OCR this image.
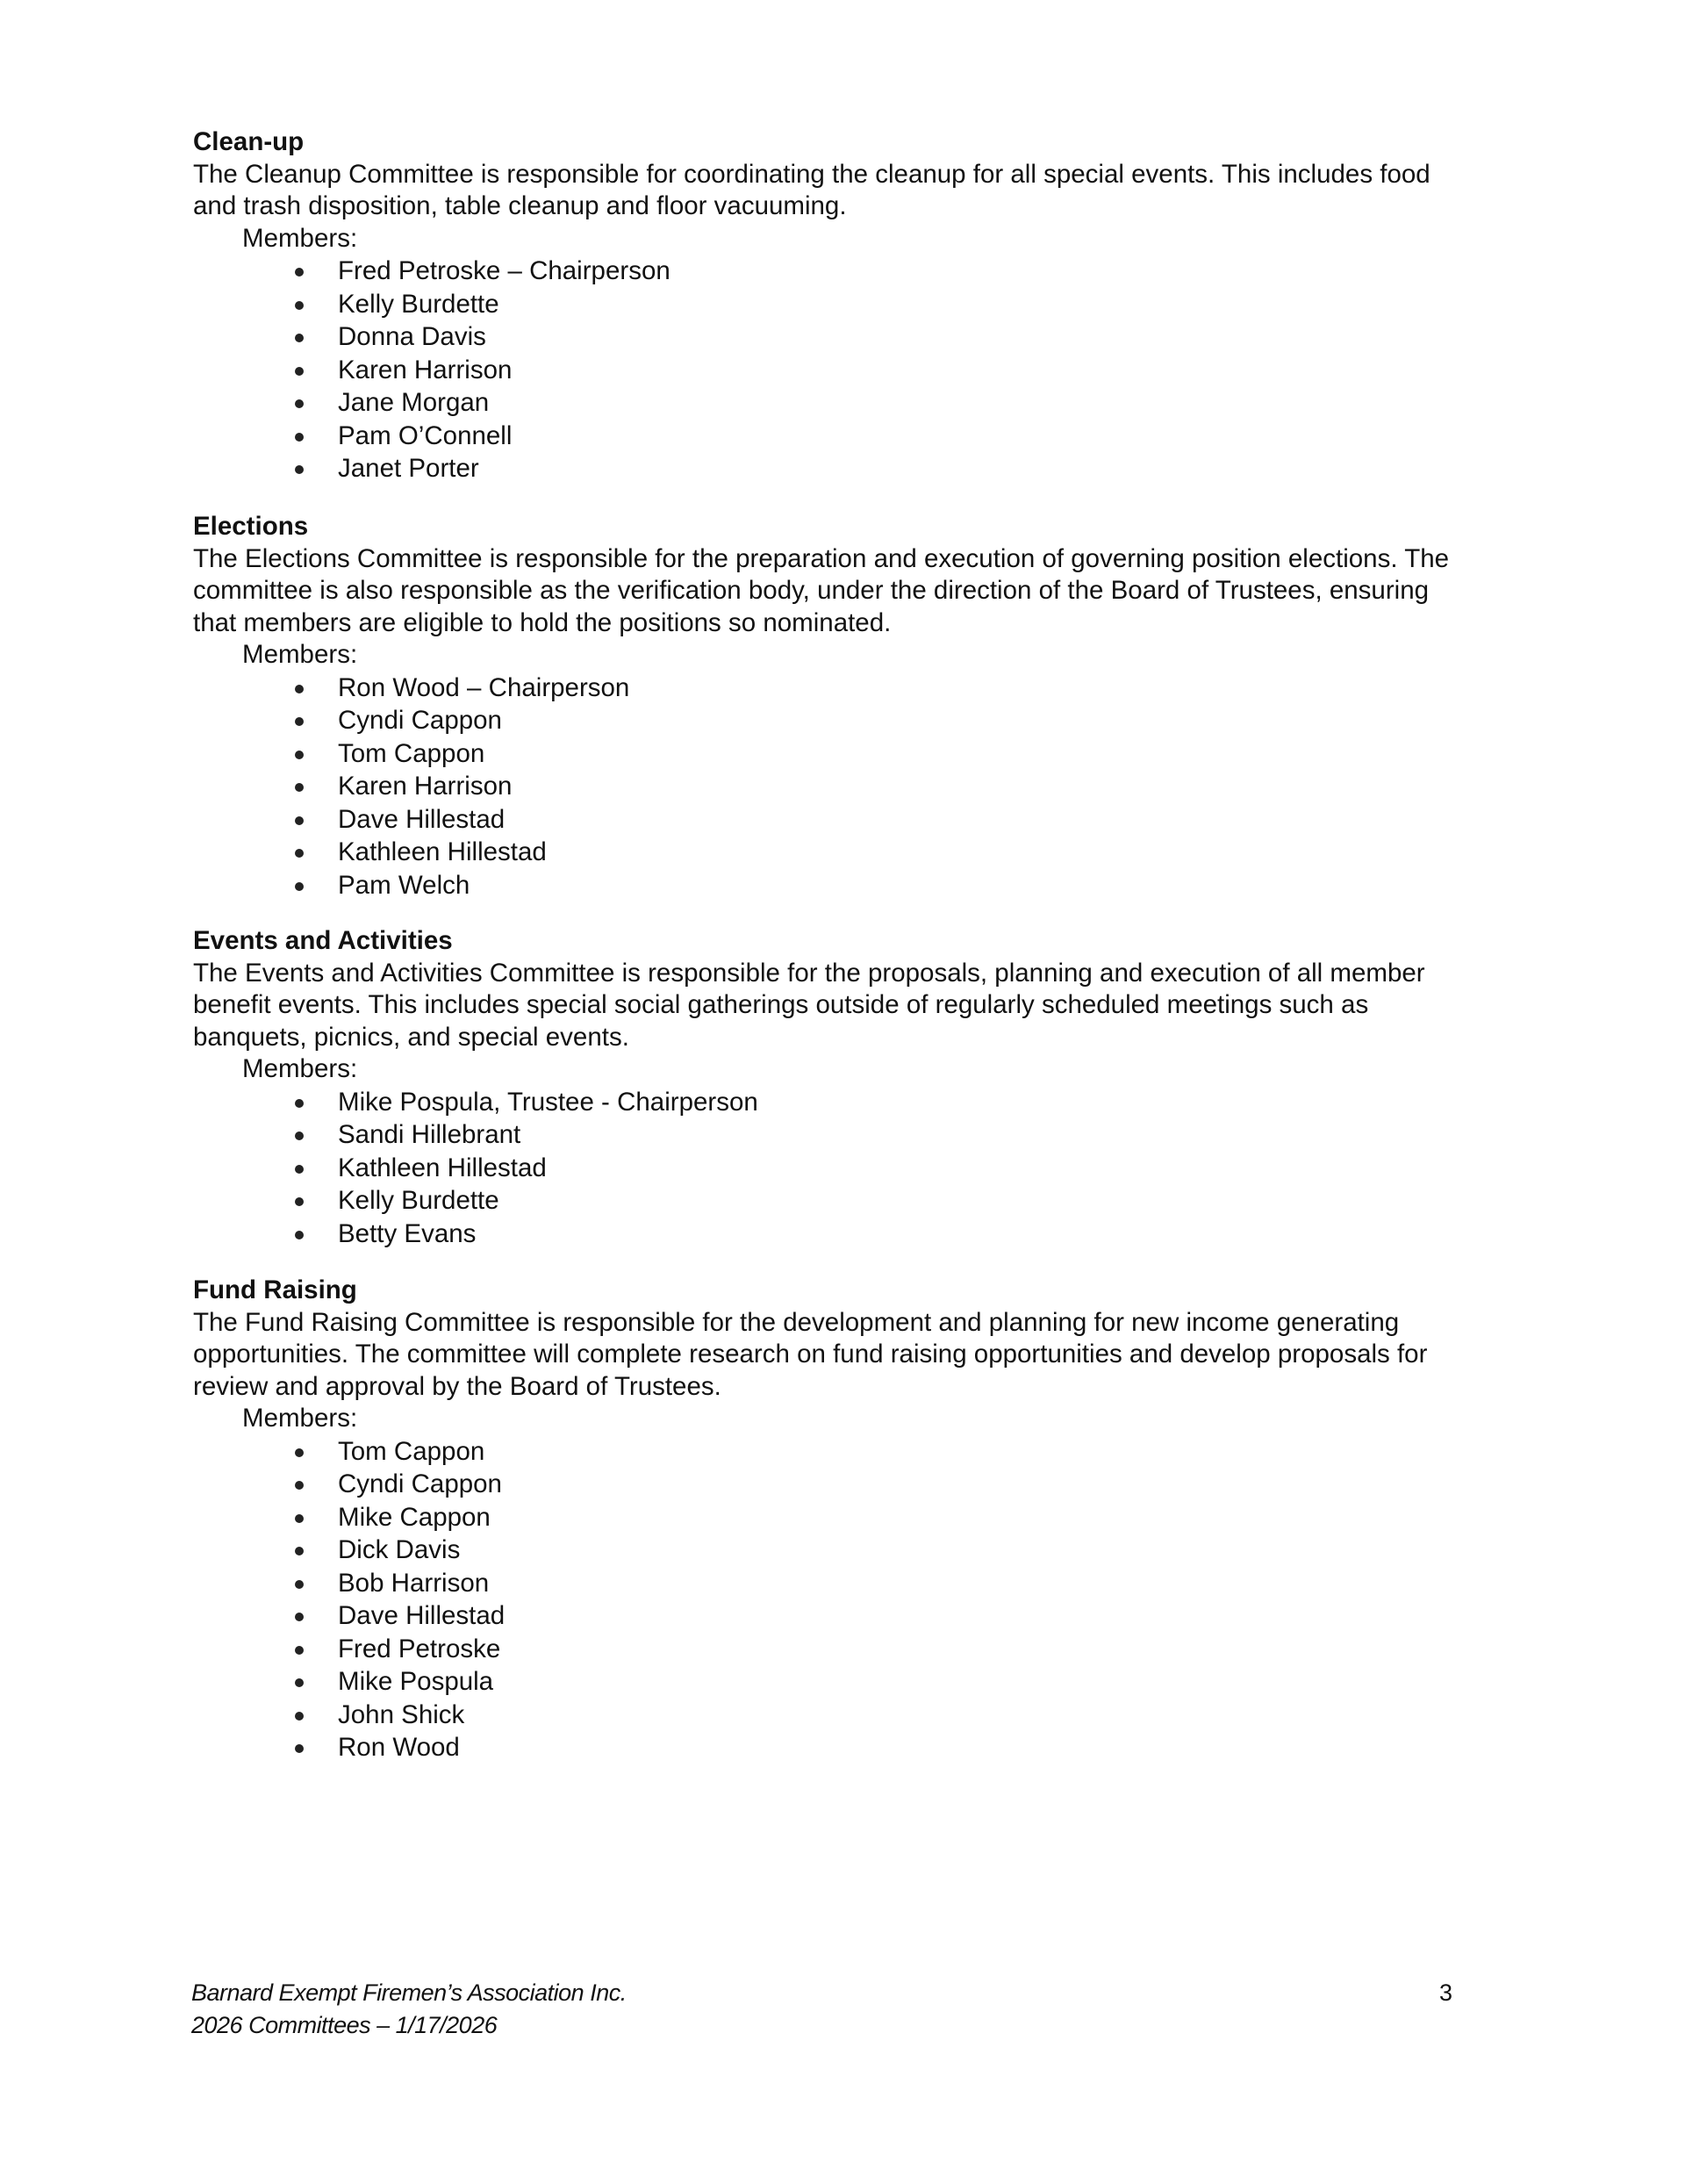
Clean-up

The Cleanup Committee is responsible for coordinating the cleanup for all special events. This includes food and trash disposition, table cleanup and floor vacuuming.

Members:
Fred Petroske – Chairperson
Kelly Burdette
Donna Davis
Karen Harrison
Jane Morgan
Pam O’Connell
Janet Porter
Elections

The Elections Committee is responsible for the preparation and execution of governing position elections. The committee is also responsible as the verification body, under the direction of the Board of Trustees, ensuring that members are eligible to hold the positions so nominated.

Members:
Ron Wood – Chairperson
Cyndi Cappon
Tom Cappon
Karen Harrison
Dave Hillestad
Kathleen Hillestad
Pam Welch
Events and Activities

The Events and Activities Committee is responsible for the proposals, planning and execution of all member benefit events. This includes special social gatherings outside of regularly scheduled meetings such as banquets, picnics, and special events.

Members:
Mike Pospula, Trustee - Chairperson
Sandi Hillebrant
Kathleen Hillestad
Kelly Burdette
Betty Evans
Fund Raising

The Fund Raising Committee is responsible for the development and planning for new income generating opportunities. The committee will complete research on fund raising opportunities and develop proposals for review and approval by the Board of Trustees.

Members:
Tom Cappon
Cyndi Cappon
Mike Cappon
Dick Davis
Bob Harrison
Dave Hillestad
Fred Petroske
Mike Pospula
John Shick
Ron Wood
Barnard Exempt Firemen’s Association Inc.
2026 Committees – 1/17/2026
3
